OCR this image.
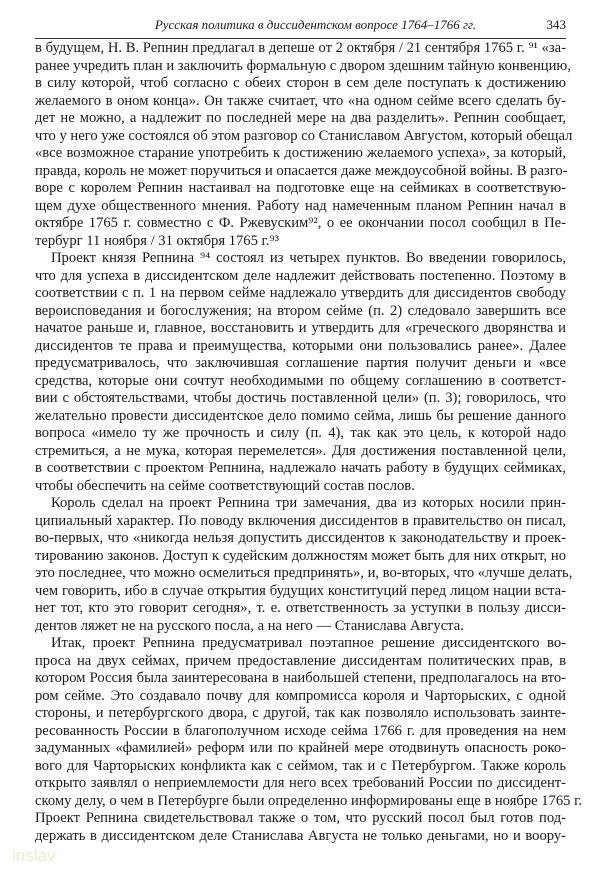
Русская политика в диссидентском вопросе 1764–1766 гг.	343
в будущем, Н. В. Репнин предлагал в депеше от 2 октября / 21 сентября 1765 г. ⁹¹ «за-
ранее учредить план и заключить формальную с двором здешним тайную конвенцию,
в силу которой, чтоб согласно с обеих сторон в сем деле поступать к достижению
желаемого в оном конца». Он также считает, что «на одном сейме всего сделать бу-
дет не можно, а надлежит по последней мере на два разделить». Репнин сообщает,
что у него уже состоялся об этом разговор со Станиславом Августом, который обещал
«все возможное старание употребить к достижению желаемого успеха», за который,
правда, король не может поручиться и опасается даже междоусобной войны. В разго-
воре с королем Репнин настаивал на подготовке еще на сеймиках в соответствую-
щем духе общественного мнения. Работу над намеченным планом Репнин начал в
октябре 1765 г. совместно с Ф. Ржевуским⁹², о ее окончании посол сообщил в Пе-
тербург 11 ноября / 31 октября 1765 г.⁹³
Проект князя Репнина ⁹⁴ состоял из четырех пунктов. Во введении говорилось,
что для успеха в диссидентском деле надлежит действовать постепенно. Поэтому в
соответствии с п. 1 на первом сейме надлежало утвердить для диссидентов свободу
вероисповедания и богослужения; на втором сейме (п. 2) следовало завершить все
начатое раньше и, главное, восстановить и утвердить для «греческого дворянства и
диссидентов те права и преимущества, которыми они пользовались ранее». Далее
предусматривалось, что заключившая соглашение партия получит деньги и «все
средства, которые они сочтут необходимыми по общему соглашению в соответст-
вии с обстоятельствами, чтобы достичь поставленной цели» (п. 3); говорилось, что
желательно провести диссидентское дело помимо сейма, лишь бы решение данного
вопроса «имело ту же прочность и силу (п. 4), так как это цель, к которой надо
стремиться, а не мука, которая перемелется». Для достижения поставленной цели,
в соответствии с проектом Репнина, надлежало начать работу в будущих сеймиках,
чтобы обеспечить на сейме соответствующий состав послов.
Король сделал на проект Репнина три замечания, два из которых носили прин-
ципиальный характер. По поводу включения диссидентов в правительство он писал,
во-первых, что «никогда нельзя допустить диссидентов к законодательству и проек-
тированию законов. Доступ к судейским должностям может быть для них открыт, но
это последнее, что можно осмелиться предпринять», и, во-вторых, что «лучше делать,
чем говорить, ибо в случае открытия будущих конституций перед лицом нации вста-
нет тот, кто это говорит сегодня», т. е. ответственность за уступки в пользу дисси-
дентов ляжет не на русского посла, а на него — Станислава Августа.
Итак, проект Репнина предусматривал поэтапное решение диссидентского во-
проса на двух сеймах, причем предоставление диссидентам политических прав, в
котором Россия была заинтересована в наибольшей степени, предполагалось на вто-
ром сейме. Это создавало почву для компромисса короля и Чарторыских, с одной
стороны, и петербургского двора, с другой, так как позволяло использовать заинте-
ресованность России в благополучном исходе сейма 1766 г. для проведения на нем
задуманных «фамилией» реформ или по крайней мере отодвинуть опасность роко-
вого для Чарторыских конфликта как с сеймом, так и с Петербургом. Также король
открыто заявлял о неприемлемости для него всех требований России по диссидент-
скому делу, о чем в Петербурге были определенно информированы еще в ноябре 1765 г.
Проект Репнина свидетельствовал также о том, что русский посол был готов под-
держать в диссидентском деле Станислава Августа не только деньгами, но и воору-
inslav
